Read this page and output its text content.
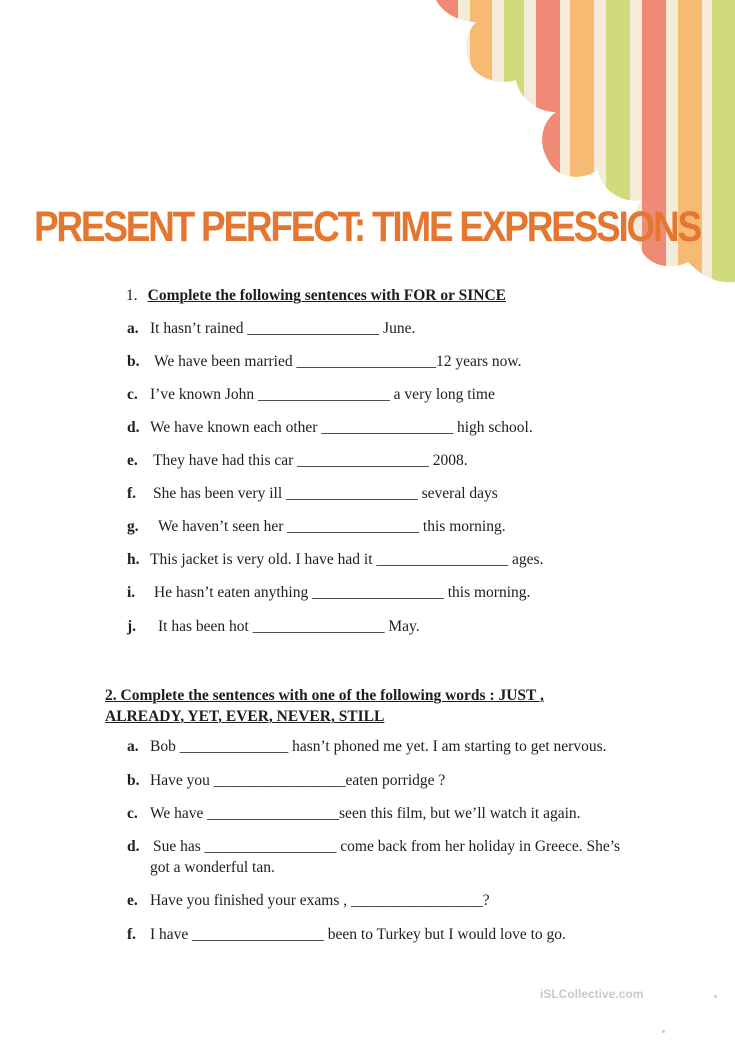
PRESENT PERFECT: TIME EXPRESSIONS
1. Complete the following sentences with FOR or SINCE
a. It hasn’t rained _________________ June.
b. We have been married __________________12 years now.
c. I’ve known John _________________ a very long time
d. We have known each other _________________ high school.
e. They have had this car _________________ 2008.
f. She has been very ill _________________ several days
g. We haven’t seen her _________________ this morning.
h. This jacket is very old. I have had it _________________ ages.
i. He hasn’t eaten anything _________________ this morning.
j. It has been hot _________________ May.
2. Complete the sentences with one of the following words : JUST ,
ALREADY, YET, EVER, NEVER, STILL
a. Bob ______________ hasn’t phoned me yet. I am starting to get nervous.
b. Have you _________________eaten porridge ?
c. We have _________________seen this film, but we’ll watch it again.
d. Sue has _________________ come back from her holiday in Greece. She’s
got a wonderful tan.
e. Have you finished your exams , _________________?
f. I have _________________ been to Turkey but I would love to go.
iSLCollective.com
